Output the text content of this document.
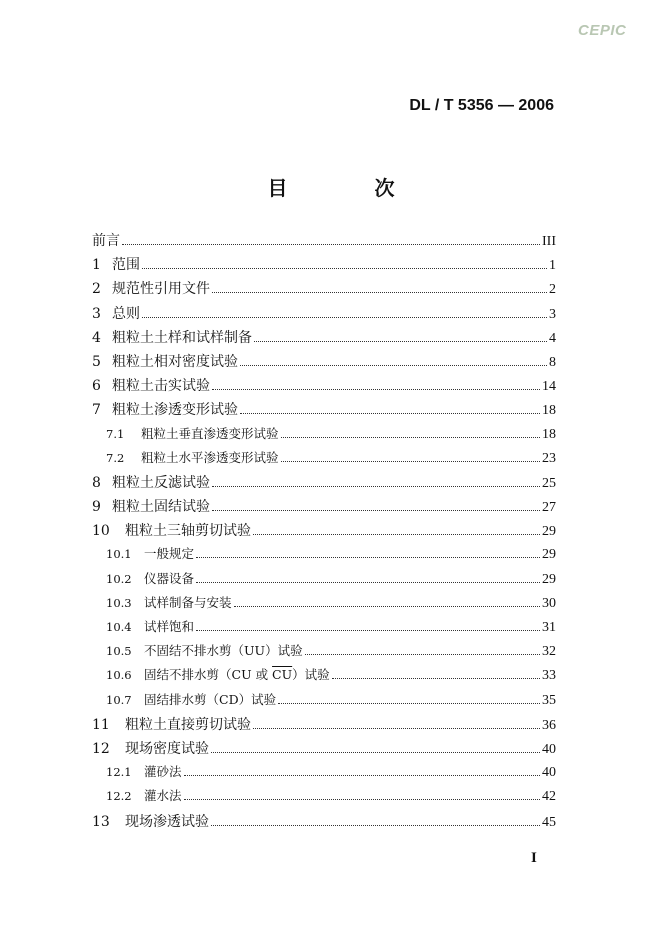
CEPIC
DL / T 5356 — 2006
目 次
前言	III
1 范围	1
2 规范性引用文件	2
3 总则	3
4 粗粒土土样和试样制备	4
5 粗粒土相对密度试验	8
6 粗粒土击实试验	14
7 粗粒土渗透变形试验	18
7.1	粗粒土垂直渗透变形试验	18
7.2	粗粒土水平渗透变形试验	23
8 粗粒土反滤试验	25
9 粗粒土固结试验	27
10	粗粒土三轴剪切试验	29
10.1 一般规定	29
10.2 仪器设备	29
10.3 试样制备与安装	30
10.4 试样饱和	31
10.5 不固结不排水剪（UU）试验	32
10.6 固结不排水剪（CU 或 $\overline{CU}$）试验	33
10.7 固结排水剪（CD）试验	35
11	粗粒土直接剪切试验	36
12	现场密度试验	40
12.1 灌砂法	40
12.2 灌水法	42
13	现场渗透试验	45
I
